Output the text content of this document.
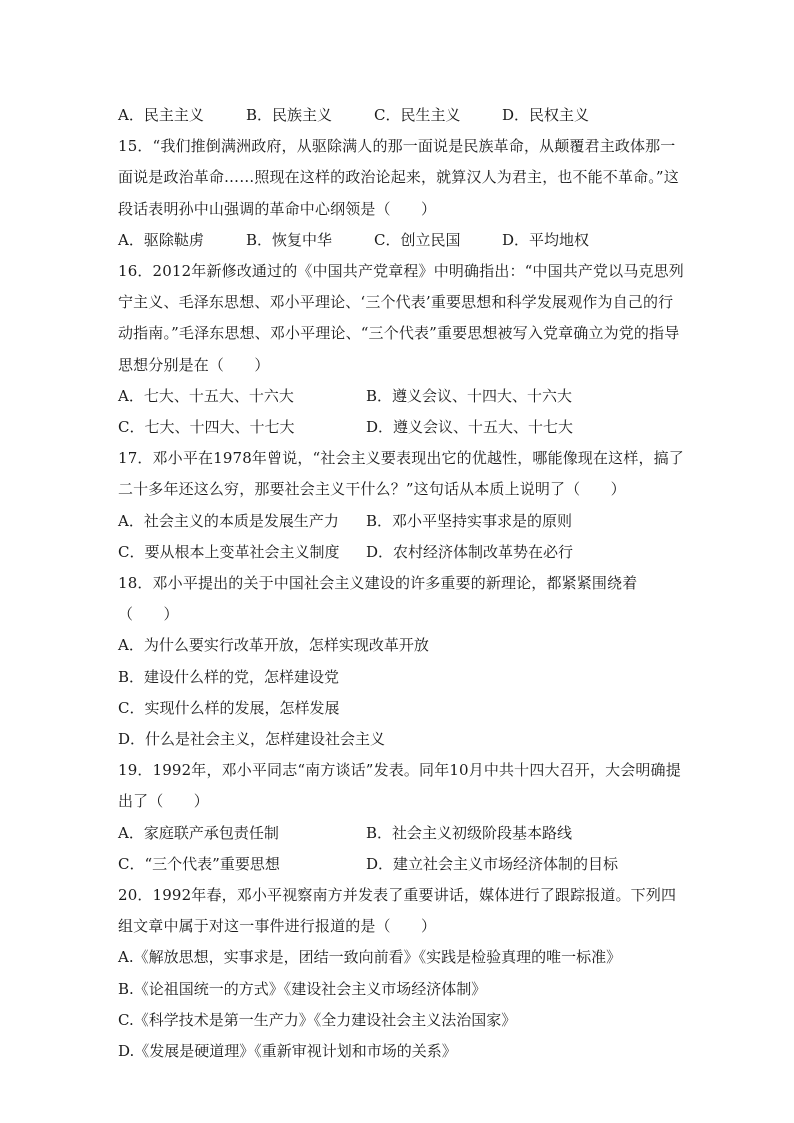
A．民主主义	B．民族主义	C．民生主义	D．民权主义

15．“我们推倒满洲政府，从驱除满人的那一面说是民族革命，从颠覆君主政体那一面说是政治革命……照现在这样的政治论起来，就算汉人为君主，也不能不革命。”这段话表明孙中山强调的革命中心纲领是（　　）

A．驱除鞑虏	B．恢复中华	C．创立民国	D．平均地权

16．2012年新修改通过的《中国共产党章程》中明确指出：“中国共产党以马克思列宁主义、毛泽东思想、邓小平理论、‘三个代表’重要思想和科学发展观作为自己的行动指南。”毛泽东思想、邓小平理论、“三个代表”重要思想被写入党章确立为党的指导思想分别是在（　　）

A．七大、十五大、十六大	B．遵义会议、十四大、十六大
C．七大、十四大、十七大	D．遵义会议、十五大、十七大

17．邓小平在1978年曾说，“社会主义要表现出它的优越性，哪能像现在这样，搞了二十多年还这么穷，那要社会主义干什么？”这句话从本质上说明了（　　）

A．社会主义的本质是发展生产力	B．邓小平坚持实事求是的原则
C．要从根本上变革社会主义制度	D．农村经济体制改革势在必行

18．邓小平提出的关于中国社会主义建设的许多重要的新理论，都紧紧围绕着（　　）

A．为什么要实行改革开放，怎样实现改革开放
B．建设什么样的党，怎样建设党
C．实现什么样的发展，怎样发展
D．什么是社会主义，怎样建设社会主义

19．1992年，邓小平同志“南方谈话”发表。同年10月中共十四大召开，大会明确提出了（　　）

A．家庭联产承包责任制	B．社会主义初级阶段基本路线
C．“三个代表”重要思想	D．建立社会主义市场经济体制的目标

20．1992年春，邓小平视察南方并发表了重要讲话，媒体进行了跟踪报道。下列四组文章中属于对这一事件进行报道的是（　　）

A.《解放思想，实事求是，团结一致向前看》《实践是检验真理的唯一标准》
B.《论祖国统一的方式》《建设社会主义市场经济体制》
C.《科学技术是第一生产力》《全力建设社会主义法治国家》
D.《发展是硬道理》《重新审视计划和市场的关系》
